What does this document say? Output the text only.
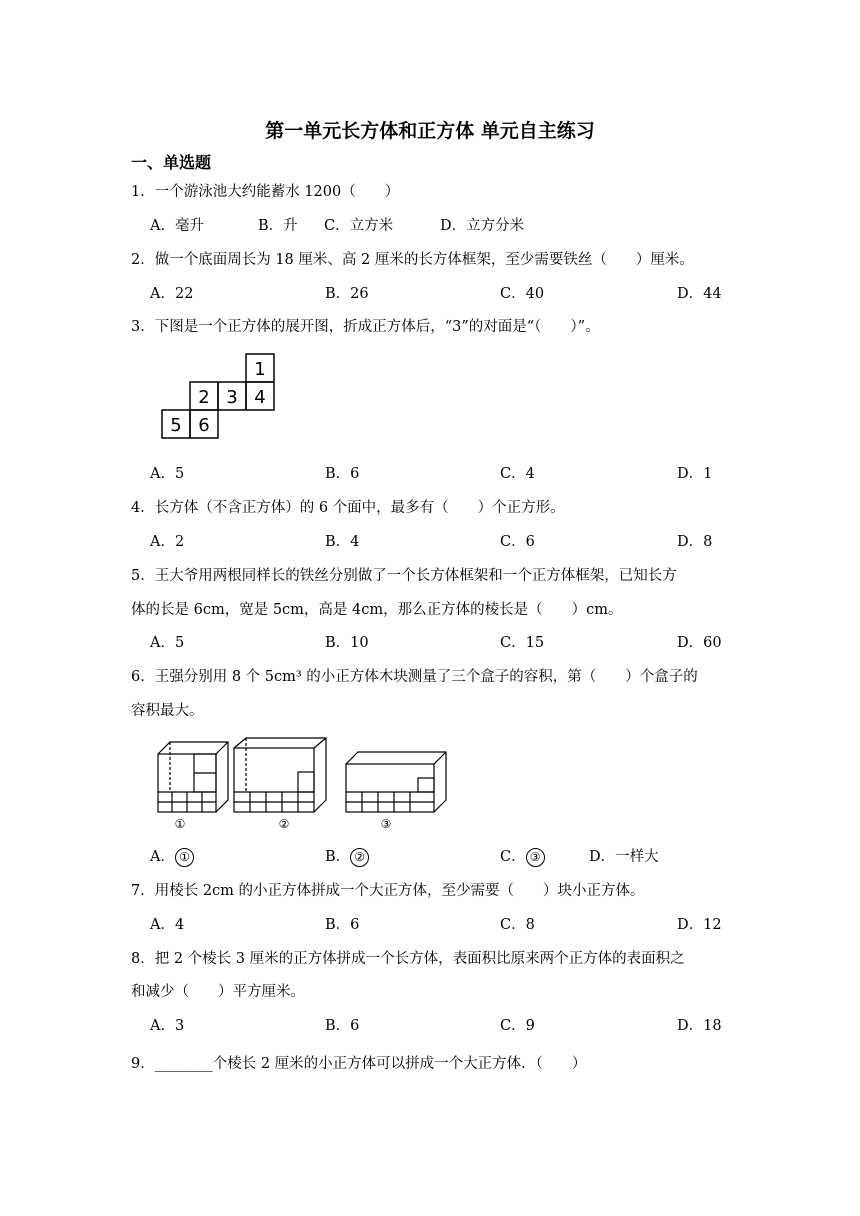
第一单元长方体和正方体 单元自主练习
一、单选题
1．一个游泳池大约能蓄水 1200（　　）
A．毫升	B．升 C．立方米	D．立方分米
2．做一个底面周长为 18 厘米、高 2 厘米的长方体框架，至少需要铁丝（　　）厘米。
A．22	B．26	C．40	D．44
3．下图是一个正方体的展开图，折成正方体后，“3”的对面是“（　　）”。
1
2 3 4
5 6
A．5	B．6	C．4	D．1
4．长方体（不含正方体）的 6 个面中，最多有（　　）个正方形。
A．2	B．4	C．6	D．8
5．王大爷用两根同样长的铁丝分别做了一个长方体框架和一个正方体框架，已知长方
体的长是 6cm，宽是 5cm，高是 4cm，那么正方体的棱长是（　　）cm。
A．5	B．10	C．15	D．60
6．王强分别用 8 个 5cm³ 的小正方体木块测量了三个盒子的容积，第（　　）个盒子的
容积最大。
①	②	③
A． ①	B． ②	C． ③	D．一样大
7．用棱长 2cm 的小正方体拼成一个大正方体，至少需要（　　）块小正方体。
A．4	B．6	C．8	D．12
8．把 2 个棱长 3 厘米的正方体拼成一个长方体，表面积比原来两个正方体的表面积之
和减少（　　）平方厘米。
A．3	B．6	C．9	D．18
9．________个棱长 2 厘米的小正方体可以拼成一个大正方体．（　　）
